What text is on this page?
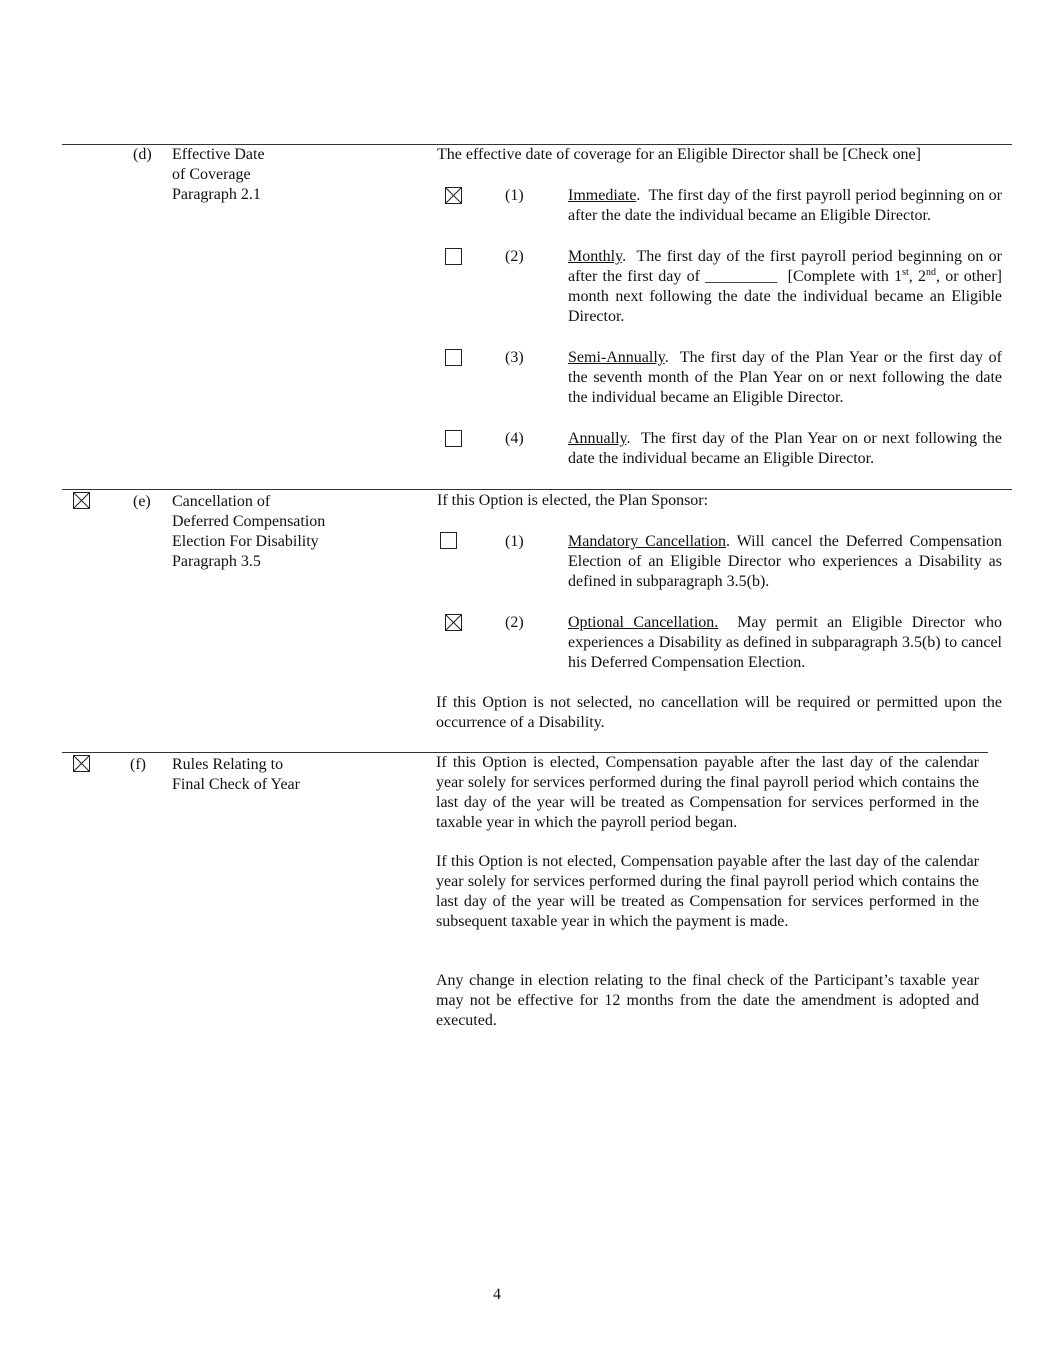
(d)	Effective Date
of Coverage
Paragraph 2.1
The effective date of coverage for an Eligible Director shall be [Check one]
(1)	Immediate.  The first day of the first payroll period beginning on or after the date the individual became an Eligible Director.
(2)	Monthly.  The first day of the first payroll period beginning on or after the first day of _________  [Complete with 1st, 2nd, or other] month next following the date the individual became an Eligible Director.
(3)	Semi-Annually.  The first day of the Plan Year or the first day of the seventh month of the Plan Year on or next following the date the individual became an Eligible Director.
(4)	Annually.  The first day of the Plan Year on or next following the date the individual became an Eligible Director.
(e)	Cancellation of
Deferred Compensation
Election For Disability
Paragraph 3.5
If this Option is elected, the Plan Sponsor:
(1)	Mandatory Cancellation. Will cancel the Deferred Compensation Election of an Eligible Director who experiences a Disability as defined in subparagraph 3.5(b).
(2)	Optional Cancellation.  May permit an Eligible Director who experiences a Disability as defined in subparagraph 3.5(b) to cancel his Deferred Compensation Election.
If this Option is not selected, no cancellation will be required or permitted upon the occurrence of a Disability.
(f)	Rules Relating to
Final Check of Year
If this Option is elected, Compensation payable after the last day of the calendar year solely for services performed during the final payroll period which contains the last day of the year will be treated as Compensation for services performed in the taxable year in which the payroll period began.
If this Option is not elected, Compensation payable after the last day of the calendar year solely for services performed during the final payroll period which contains the last day of the year will be treated as Compensation for services performed in the subsequent taxable year in which the payment is made.
Any change in election relating to the final check of the Participant’s taxable year may not be effective for 12 months from the date the amendment is adopted and executed.
4
